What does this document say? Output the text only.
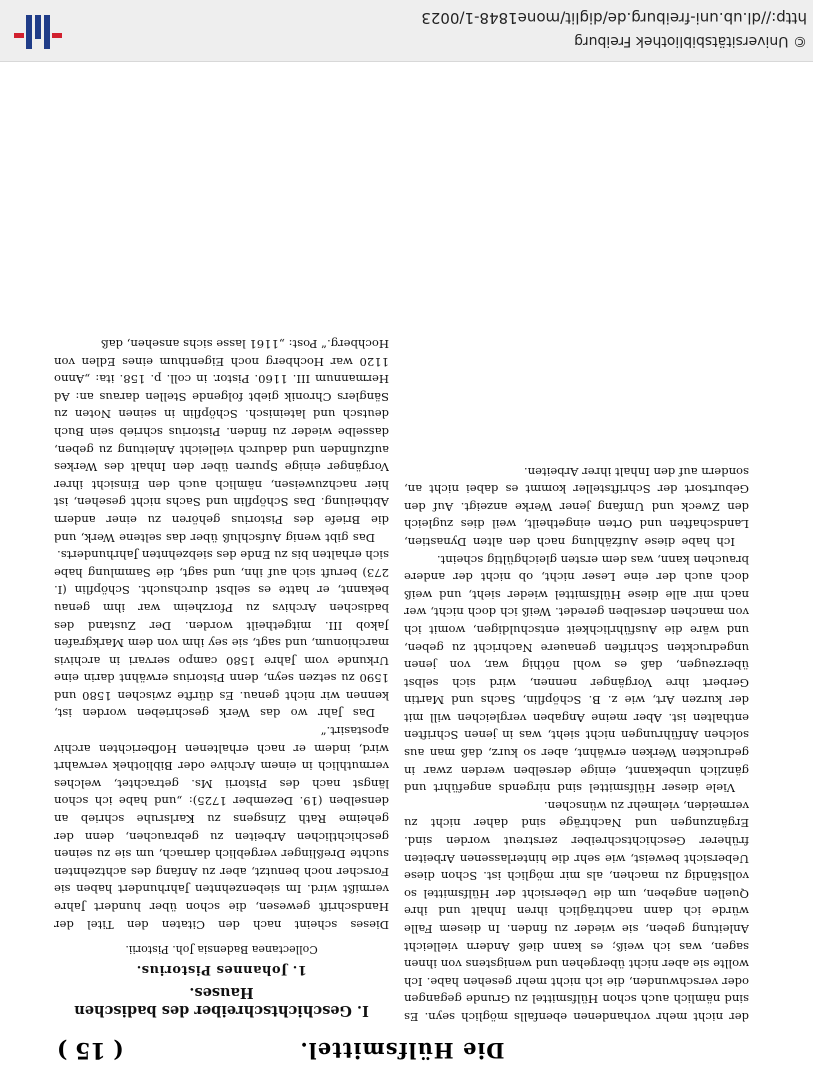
Die Hülfsmittel.
( 15 )

der nicht mehr vorhandenen ebenfalls möglich seyn. Es sind nämlich auch schon Hülfsmittel zu Grunde gegangen oder verschwunden, die ich nicht mehr gesehen habe. Ich wollte sie aber nicht übergehen und wenigstens von ihnen sagen, was ich weiß; es kann dieß Andern vielleicht Anleitung geben, sie wieder zu finden. In diesem Falle würde ich dann nachträglich ihren Inhalt und ihre Quellen angeben, um die Uebersicht der Hülfsmittel so vollständig zu machen, als mir möglich ist. Schon diese Uebersicht beweist, wie sehr die hinterlassenen Arbeiten früherer Geschichtschreiber zerstreut worden sind. Ergänzungen und Nachträge sind daher nicht zu vermeiden, vielmehr zu wünschen.

Viele dieser Hülfsmittel sind nirgends angeführt und gänzlich unbekannt, einige derselben werden zwar in gedruckten Werken erwähnt, aber so kurz, daß man aus solchen Anführungen nicht sieht, was in jenen Schriften enthalten ist. Aber meine Angaben vergleichen will mit der kurzen Art, wie z. B. Schöpflin, Sachs und Martin Gerbert ihre Vorgänger nennen, wird sich selbst überzeugen, daß es wohl nöthig war, von jenen ungedruckten Schriften genauere Nachricht zu geben, und wäre die Ausführlichkeit entschuldigen, womit ich von manchen derselben geredet. Weiß ich doch nicht, wer nach mir alle diese Hülfsmittel wieder sieht, und weiß doch auch der eine Leser nicht, ob nicht der andere brauchen kann, was dem ersten gleichgültig scheint.

Ich habe diese Aufzählung nach den alten Dynastien, Landschaften und Orten eingetheilt, weil dies zugleich den Zweck und Umfang jener Werke anzeigt. Auf den Geburtsort der Schriftsteller kommt es dabei nicht an, sondern auf den Inhalt ihrer Arbeiten.

I. Geschichtschreiber des badischen Hauses.
1. Johannes Pistorius.
Collectanea Badensia Joh. Pistorii.

Dieses scheint nach den Citaten den Titel der Handschrift gewesen, die schon über hundert Jahre vermißt wird. Im siebenzehnten Jahrhundert haben sie Forscher noch benutzt, aber zu Anfang des achtzehnten suchte Dreßlinger vergeblich darnach, um sie zu seinen geschichtlichen Arbeiten zu gebrauchen, denn der geheime Rath Zinsgens zu Karlsruhe schrieb an denselben (19. Dezember 1725): „und habe ich schon längst nach des Pistorii Ms. getrachtet, welches vermuthlich in einem Archive oder Bibliothek verwahrt wird, indem er nach erhaltenen Hofberichten archiv apostasirt.“

Das Jahr wo das Werk geschrieben worden ist, kennen wir nicht genau. Es dürfte zwischen 1580 und 1590 zu setzen seyn, denn Pistorius erwähnt darin eine Urkunde vom Jahre 1580 campo servari in archivis marchionum, und sagt, sie sey ihm von dem Markgrafen Jakob III. mitgetheilt worden. Der Zustand des badischen Archivs zu Pforzheim war ihm genau bekannt, er hatte es selbst durchsucht. Schöpflin (I. 273) beruft sich auf ihn, und sagt, die Sammlung habe sich erhalten bis zu Ende des siebzehnten Jahrhunderts.

Das gibt wenig Aufschluß über das seltene Werk, und die Briefe des Pistorius gehören zu einer andern Abtheilung. Das Schöpflin und Sachs nicht gesehen, ist hier nachzuweisen, nämlich auch den Einsicht ihrer Vorgänger einige Spuren über den Inhalt des Werkes aufzufinden und dadurch vielleicht Anleitung zu geben, dasselbe wieder zu finden. Pistorius schrieb sein Buch deutsch und lateinisch. Schöpflin in seinen Noten zu Sänglers Chronik giebt folgende Stellen daraus an: Ad Hermannum III. 1160. Pistor. in coll. p. 158. ita: „Anno 1120 war Hochberg noch Eigenthum eines Edlen von Hochberg.“ Post: „1161 lasse sichs ansehen, daß

© Universitätsbibliothek Freiburg
http://dl.ub.uni-freiburg.de/diglit/mone1848-1/0023
